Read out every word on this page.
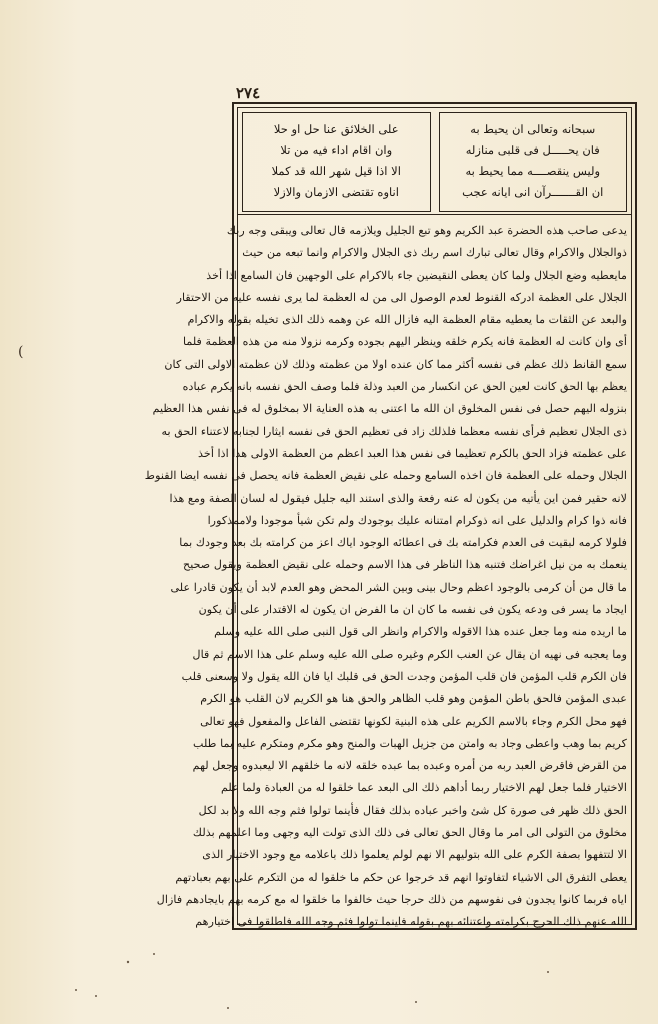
٢٧٤
(
سبحانه وتعالى ان يحيط به
فان يحـــــل فى قلبى منازله
وليس ينقصــــه مما يحيط به
ان القـــــــرآن انى ايانه عجب
على الخلائق عنا حل او حلا
وان اقام اداء فيه من تلا
الا اذا قيل شهر الله قد كملا
اناوه تقتضى الازمان والازلا
يدعى صاحب هذه الحضرة عبد الكريم وهو تبع الجليل ويلازمه قال تعالى ويبقى وجه ربك
ذوالجلال والاكرام وقال تعالى تبارك اسم ربك ذى الجلال والاكرام وانما تبعه من حيث
مايعطيه وضع الجلال ولما كان يعطى النقيضين جاء بالاكرام على الوجهين فان السامع اذا أخذ
الجلال على العظمة ادركه القنوط لعدم الوصول الى من له العظمة لما يرى نفسه عليه من الاحتقار
والبعد عن الثقات ما يعطيه مقام العظمة اليه فازال الله عن وهمه ذلك الذى تخيله بقوله والاكرام
أى وان كانت له العظمة فانه يكرم خلقه وينظر اليهم بجوده وكرمه نزولا منه من هذه العظمة فلما
سمع القانط ذلك عظم فى نفسه أكثر مما كان عنده اولا من عظمته وذلك لان عظمته الاولى التى كان
يعظم بها الحق كانت لعين الحق عن انكسار من العبد وذلة فلما وصف الحق نفسه بانه يكرم عباده
بنزوله اليهم حصل فى نفس المخلوق ان الله ما اعتنى به هذه العناية الا بمخلوق له فى نفس هذا العظيم
ذى الجلال تعظيم فرأى نفسه معظما فلذلك زاد فى تعظيم الحق فى نفسه ايثارا لجنابه لاعتناء الحق به
على عظمته فزاد الحق بالكرم تعظيما فى نفس هذا العبد اعظم من العظمة الاولى هذا اذا أخذ
الجلال وحمله على العظمة فان اخذه السامع وحمله على نقيض العظمة فانه يحصل فى نفسه ايضا القنوط
لانه حقير فمن اين يأتيه من يكون له عنه رفعة والذى استند اليه جليل فيقول له لسان الصفة ومع هذا
فانه ذوا كرام والدليل على انه ذوكرام امتنانه عليك بوجودك ولم تكن شيأ موجودا ولاممذكورا
فلولا كرمه لبقيت فى العدم فكرامته بك فى اعطائه الوجود اياك اعز من كرامته بك بعد وجودك بما
ينعمك به من نيل اغراضك فتنبه هذا الناظر فى هذا الاسم وحمله على نقيض العظمة ويقول صحيح
ما قال من أن كرمى بالوجود اعظم وحال بينى وبين الشر المحض وهو العدم لابد أن يكون قادرا على
ايجاد ما يسر فى ودعه يكون فى نفسه ما كان ان ما الفرض ان يكون له الاقتدار على أن يكون
ما اريده منه وما جعل عنده هذا الاقوله والاكرام وانظر الى قول النبى صلى الله عليه وسلم
وما يعجبه فى نهيه ان يقال عن العنب الكرم وغيره صلى الله عليه وسلم على هذا الاسم ثم قال
فان الكرم قلب المؤمن فان قلب المؤمن وجدت الحق فى قلبك ايا فان الله يقول ولا وسعنى قلب
عبدى المؤمن فالحق باطن المؤمن وهو قلب الظاهر والحق هنا هو الكريم لان القلب هو الكرم
فهو محل الكرم وجاء بالاسم الكريم على هذه البنية لكونها تقتضى الفاعل والمفعول فهو تعالى
كريم بما وهب واعطى وجاد به وامتن من جزيل الهبات والمنح وهو مكرم ومتكرم عليه بما طلب
من القرض فاقرض العبد ربه من أمره وعبده بما عبده خلقه لانه ما خلقهم الا ليعبدوه وجعل لهم
الاختيار فلما جعل لهم الاختيار ربما أداهم ذلك الى البعد عما خلقوا له من العبادة ولما علم
الحق ذلك ظهر فى صورة كل شئ واخبر عباده بذلك فقال فأينما تولوا فثم وجه الله ولا بد لكل
مخلوق من التولى الى امر ما وقال الحق تعالى فى ذلك الذى تولت اليه وجهى وما اعلمهم بذلك
الا لتتفهوا بصفة الكرم على الله بتوليهم الا نهم لولم يعلموا ذلك باعلامه مع وجود الاختيار الذى
يعطى التفرق الى الاشياء لتفاوتوا انهم قد خرجوا عن حكم ما خلقوا له من التكرم على بهم بعبادتهم
اياه فربما كانوا يجدون فى نفوسهم من ذلك حرجا حيث خالفوا ما خلقوا له مع كرمه بهم بايجادهم فازال
الله عنهم ذلك الحرج بكرامته واعتنائه بهم بقوله فاينما تولوا فثم وجه الله فاطلقوا فى اختيارهم
